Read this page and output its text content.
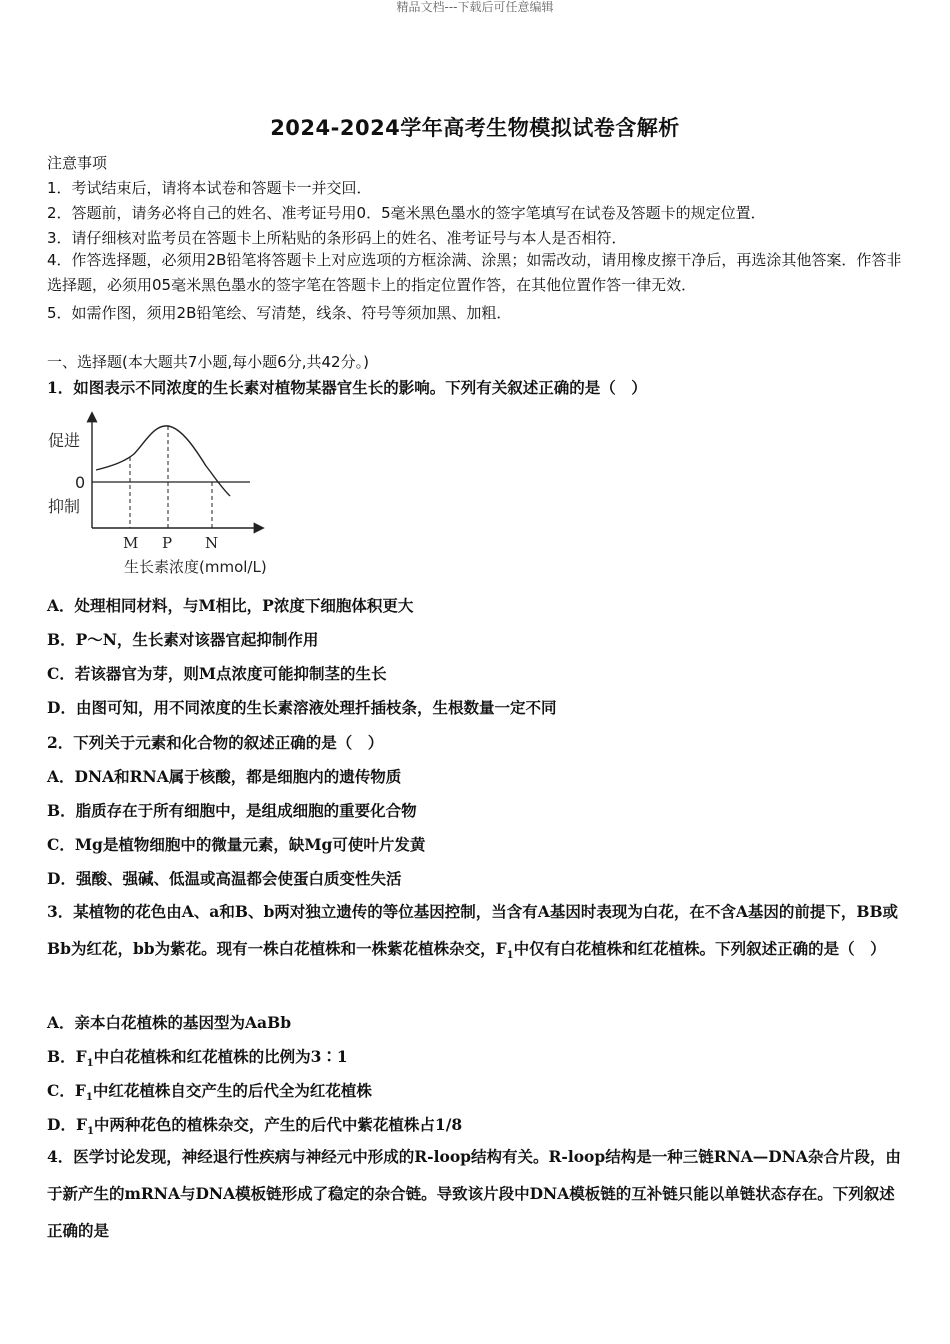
精品文档---下载后可任意编辑
2024-2024学年高考生物模拟试卷含解析
注意事项
1．考试结束后，请将本试卷和答题卡一并交回．
2．答题前，请务必将自己的姓名、准考证号用0．5毫米黑色墨水的签字笔填写在试卷及答题卡的规定位置．
3．请仔细核对监考员在答题卡上所粘贴的条形码上的姓名、准考证号与本人是否相符．
4．作答选择题，必须用2B铅笔将答题卡上对应选项的方框涂满、涂黑；如需改动，请用橡皮擦干净后，再选涂其他答案．作答非选择题，必须用05毫米黑色墨水的签字笔在答题卡上的指定位置作答，在其他位置作答一律无效．
5．如需作图，须用2B铅笔绘、写清楚，线条、符号等须加黑、加粗．
一、选择题(本大题共7小题,每小题6分,共42分。)
1．如图表示不同浓度的生长素对植物某器官生长的影响。下列有关叙述正确的是（　）
促进
0
抑制
M P N
生长素浓度(mmol/L)
A．处理相同材料，与M相比，P浓度下细胞体积更大
B．P～N，生长素对该器官起抑制作用
C．若该器官为芽，则M点浓度可能抑制茎的生长
D．由图可知，用不同浓度的生长素溶液处理扦插枝条，生根数量一定不同
2．下列关于元素和化合物的叙述正确的是（　）
A．DNA和RNA属于核酸，都是细胞内的遗传物质
B．脂质存在于所有细胞中，是组成细胞的重要化合物
C．Mg是植物细胞中的微量元素，缺Mg可使叶片发黄
D．强酸、强碱、低温或高温都会使蛋白质变性失活
3．某植物的花色由A、a和B、b两对独立遗传的等位基因控制，当含有A基因时表现为白花，在不含A基因的前提下，BB或Bb为红花，bb为紫花。现有一株白花植株和一株紫花植株杂交，$F_1$中仅有白花植株和红花植株。下列叙述正确的是（　）
A．亲本白花植株的基因型为AaBb
B．$F_1$中白花植株和红花植株的比例为3∶1
C．$F_1$中红花植株自交产生的后代全为红花植株
D．$F_1$中两种花色的植株杂交，产生的后代中紫花植株占1/8
4．医学讨论发现，神经退行性疾病与神经元中形成的R-loop结构有关。R-loop结构是一种三链RNA—DNA杂合片段，由于新产生的mRNA与DNA模板链形成了稳定的杂合链。导致该片段中DNA模板链的互补链只能以单链状态存在。下列叙述正确的是
